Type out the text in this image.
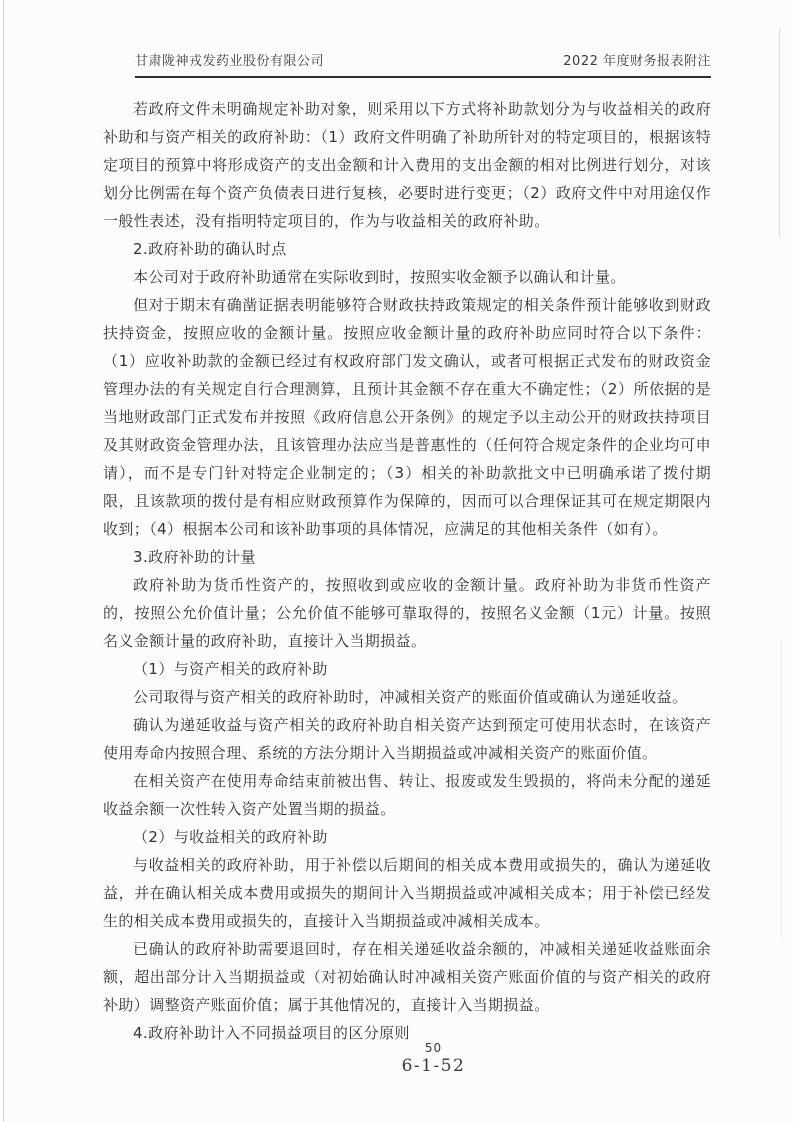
甘肃陇神戎发药业股份有限公司	2022 年度财务报表附注

若政府文件未明确规定补助对象，则采用以下方式将补助款划分为与收益相关的政府补助和与资产相关的政府补助：（1）政府文件明确了补助所针对的特定项目的，根据该特定项目的预算中将形成资产的支出金额和计入费用的支出金额的相对比例进行划分，对该划分比例需在每个资产负债表日进行复核，必要时进行变更；（2）政府文件中对用途仅作一般性表述，没有指明特定项目的，作为与收益相关的政府补助。

2.政府补助的确认时点

本公司对于政府补助通常在实际收到时，按照实收金额予以确认和计量。

但对于期末有确凿证据表明能够符合财政扶持政策规定的相关条件预计能够收到财政扶持资金，按照应收的金额计量。按照应收金额计量的政府补助应同时符合以下条件：（1）应收补助款的金额已经过有权政府部门发文确认，或者可根据正式发布的财政资金管理办法的有关规定自行合理测算，且预计其金额不存在重大不确定性；（2）所依据的是当地财政部门正式发布并按照《政府信息公开条例》的规定予以主动公开的财政扶持项目及其财政资金管理办法，且该管理办法应当是普惠性的（任何符合规定条件的企业均可申请），而不是专门针对特定企业制定的；（3）相关的补助款批文中已明确承诺了拨付期限，且该款项的拨付是有相应财政预算作为保障的，因而可以合理保证其可在规定期限内收到；（4）根据本公司和该补助事项的具体情况，应满足的其他相关条件（如有）。

3.政府补助的计量

政府补助为货币性资产的，按照收到或应收的金额计量。政府补助为非货币性资产的，按照公允价值计量；公允价值不能够可靠取得的，按照名义金额（1元）计量。按照名义金额计量的政府补助，直接计入当期损益。

（1）与资产相关的政府补助

公司取得与资产相关的政府补助时，冲减相关资产的账面价值或确认为递延收益。

确认为递延收益与资产相关的政府补助自相关资产达到预定可使用状态时，在该资产使用寿命内按照合理、系统的方法分期计入当期损益或冲减相关资产的账面价值。

在相关资产在使用寿命结束前被出售、转让、报废或发生毁损的，将尚未分配的递延收益余额一次性转入资产处置当期的损益。

（2）与收益相关的政府补助

与收益相关的政府补助，用于补偿以后期间的相关成本费用或损失的，确认为递延收益，并在确认相关成本费用或损失的期间计入当期损益或冲减相关成本；用于补偿已经发生的相关成本费用或损失的，直接计入当期损益或冲减相关成本。

已确认的政府补助需要退回时，存在相关递延收益余额的，冲减相关递延收益账面余额，超出部分计入当期损益或（对初始确认时冲减相关资产账面价值的与资产相关的政府补助）调整资产账面价值；属于其他情况的，直接计入当期损益。

4.政府补助计入不同损益项目的区分原则

50
6-1-52
